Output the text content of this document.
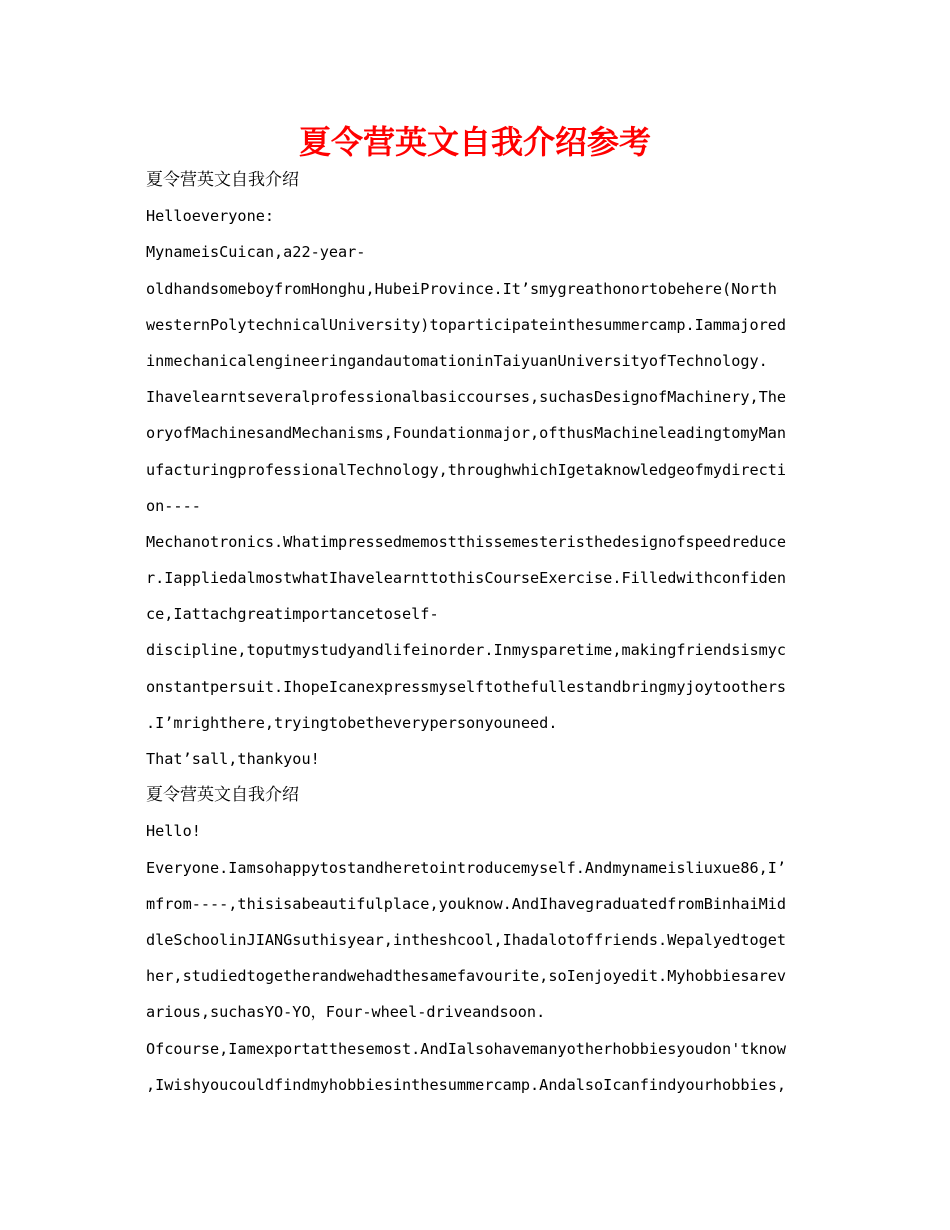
夏令营英文自我介绍参考

夏令营英文自我介绍

Helloeveryone:

MynameisCuican,a22-year-

oldhandsomeboyfromHonghu,HubeiProvince.It’smygreathonortobehere(North

westernPolytechnicalUniversity)toparticipateinthesummercamp.Iammajored

inmechanicalengineeringandautomationinTaiyuanUniversityofTechnology.

Ihavelearntseveralprofessionalbasiccourses,suchasDesignofMachinery,The

oryofMachinesandMechanisms,Foundationmajor,ofthusMachineleadingtomyMan

ufacturingprofessionalTechnology,throughwhichIgetaknowledgeofmydirecti

on----

Mechanotronics.Whatimpressedmemostthissemesteristhedesignofspeedreduce

r.IappliedalmostwhatIhavelearnttothisCourseExercise.Filledwithconfiden

ce,Iattachgreatimportancetoself-

discipline,toputmystudyandlifeinorder.Inmysparetime,makingfriendsismyc

onstantpersuit.IhopeIcanexpressmyselftothefullestandbringmyjoytoothers

.I’mrighthere,tryingtobetheverypersonyouneed.

That’sall,thankyou!

夏令营英文自我介绍

Hello!

Everyone.Iamsohappytostandheretointroducemyself.Andmynameisliuxue86,I’

mfrom----,thisisabeautifulplace,youknow.AndIhavegraduatedfromBinhaiMid

dleSchoolinJIANGsuthisyear,intheshcool,Ihadalotoffriends.Wepalyedtoget

her,studiedtogetherandwehadthesamefavourite,soIenjoyedit.Myhobbiesarev

arious,suchasYO-YO，Four-wheel-driveandsoon.

Ofcourse,Iamexportatthesemost.AndIalsohavemanyotherhobbiesyoudon'tknow

,Iwishyoucouldfindmyhobbiesinthesummercamp.AndalsoIcanfindyourhobbies,
